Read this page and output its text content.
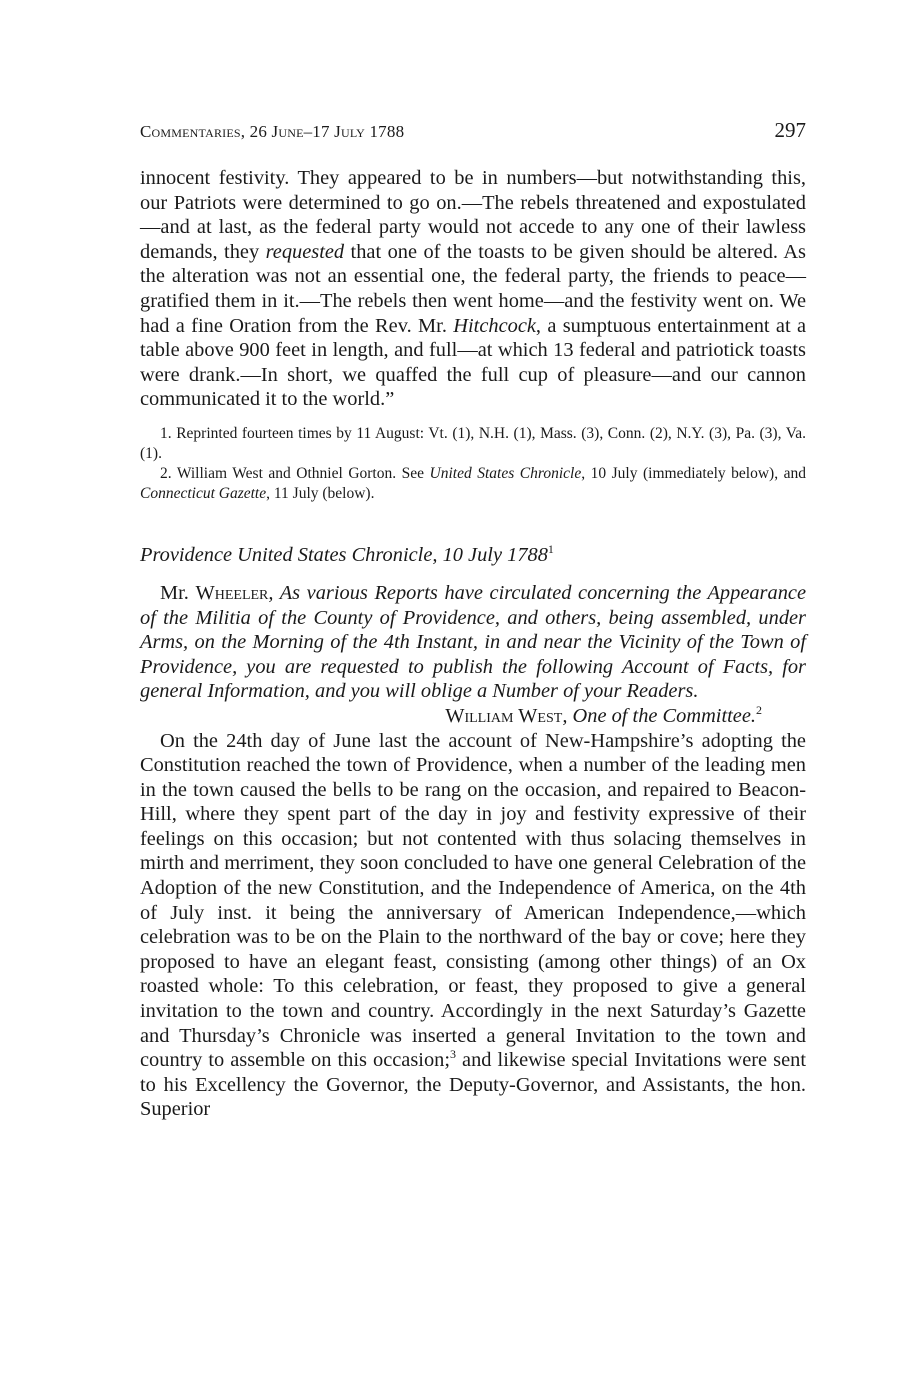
Commentaries, 26 June–17 July 1788	297

innocent festivity. They appeared to be in numbers—but notwithstanding this, our Patriots were determined to go on.—The rebels threatened and expostulated—and at last, as the federal party would not accede to any one of their lawless demands, they requested that one of the toasts to be given should be altered. As the alteration was not an essential one, the federal party, the friends to peace—gratified them in it.—The rebels then went home—and the festivity went on. We had a fine Oration from the Rev. Mr. Hitchcock, a sumptuous entertainment at a table above 900 feet in length, and full—at which 13 federal and patriotick toasts were drank.—In short, we quaffed the full cup of pleasure—and our cannon communicated it to the world.”

1. Reprinted fourteen times by 11 August: Vt. (1), N.H. (1), Mass. (3), Conn. (2), N.Y. (3), Pa. (3), Va. (1).

2. William West and Othniel Gorton. See United States Chronicle, 10 July (immediately below), and Connecticut Gazette, 11 July (below).

Providence United States Chronicle, 10 July 1788$^1$

Mr. Wheeler, As various Reports have circulated concerning the Appearance of the Militia of the County of Providence, and others, being assembled, under Arms, on the Morning of the 4th Instant, in and near the Vicinity of the Town of Providence, you are requested to publish the following Account of Facts, for general Information, and you will oblige a Number of your Readers.

William West, One of the Committee.$^2$

On the 24th day of June last the account of New-Hampshire’s adopting the Constitution reached the town of Providence, when a number of the leading men in the town caused the bells to be rang on the occasion, and repaired to Beacon-Hill, where they spent part of the day in joy and festivity expressive of their feelings on this occasion; but not contented with thus solacing themselves in mirth and merriment, they soon concluded to have one general Celebration of the Adoption of the new Constitution, and the Independence of America, on the 4th of July inst. it being the anniversary of American Independence,—which celebration was to be on the Plain to the northward of the bay or cove; here they proposed to have an elegant feast, consisting (among other things) of an Ox roasted whole: To this celebration, or feast, they proposed to give a general invitation to the town and country. Accordingly in the next Saturday’s Gazette and Thursday’s Chronicle was inserted a general Invitation to the town and country to assemble on this occasion;$^3$ and likewise special Invitations were sent to his Excellency the Governor, the Deputy-Governor, and Assistants, the hon. Superior
